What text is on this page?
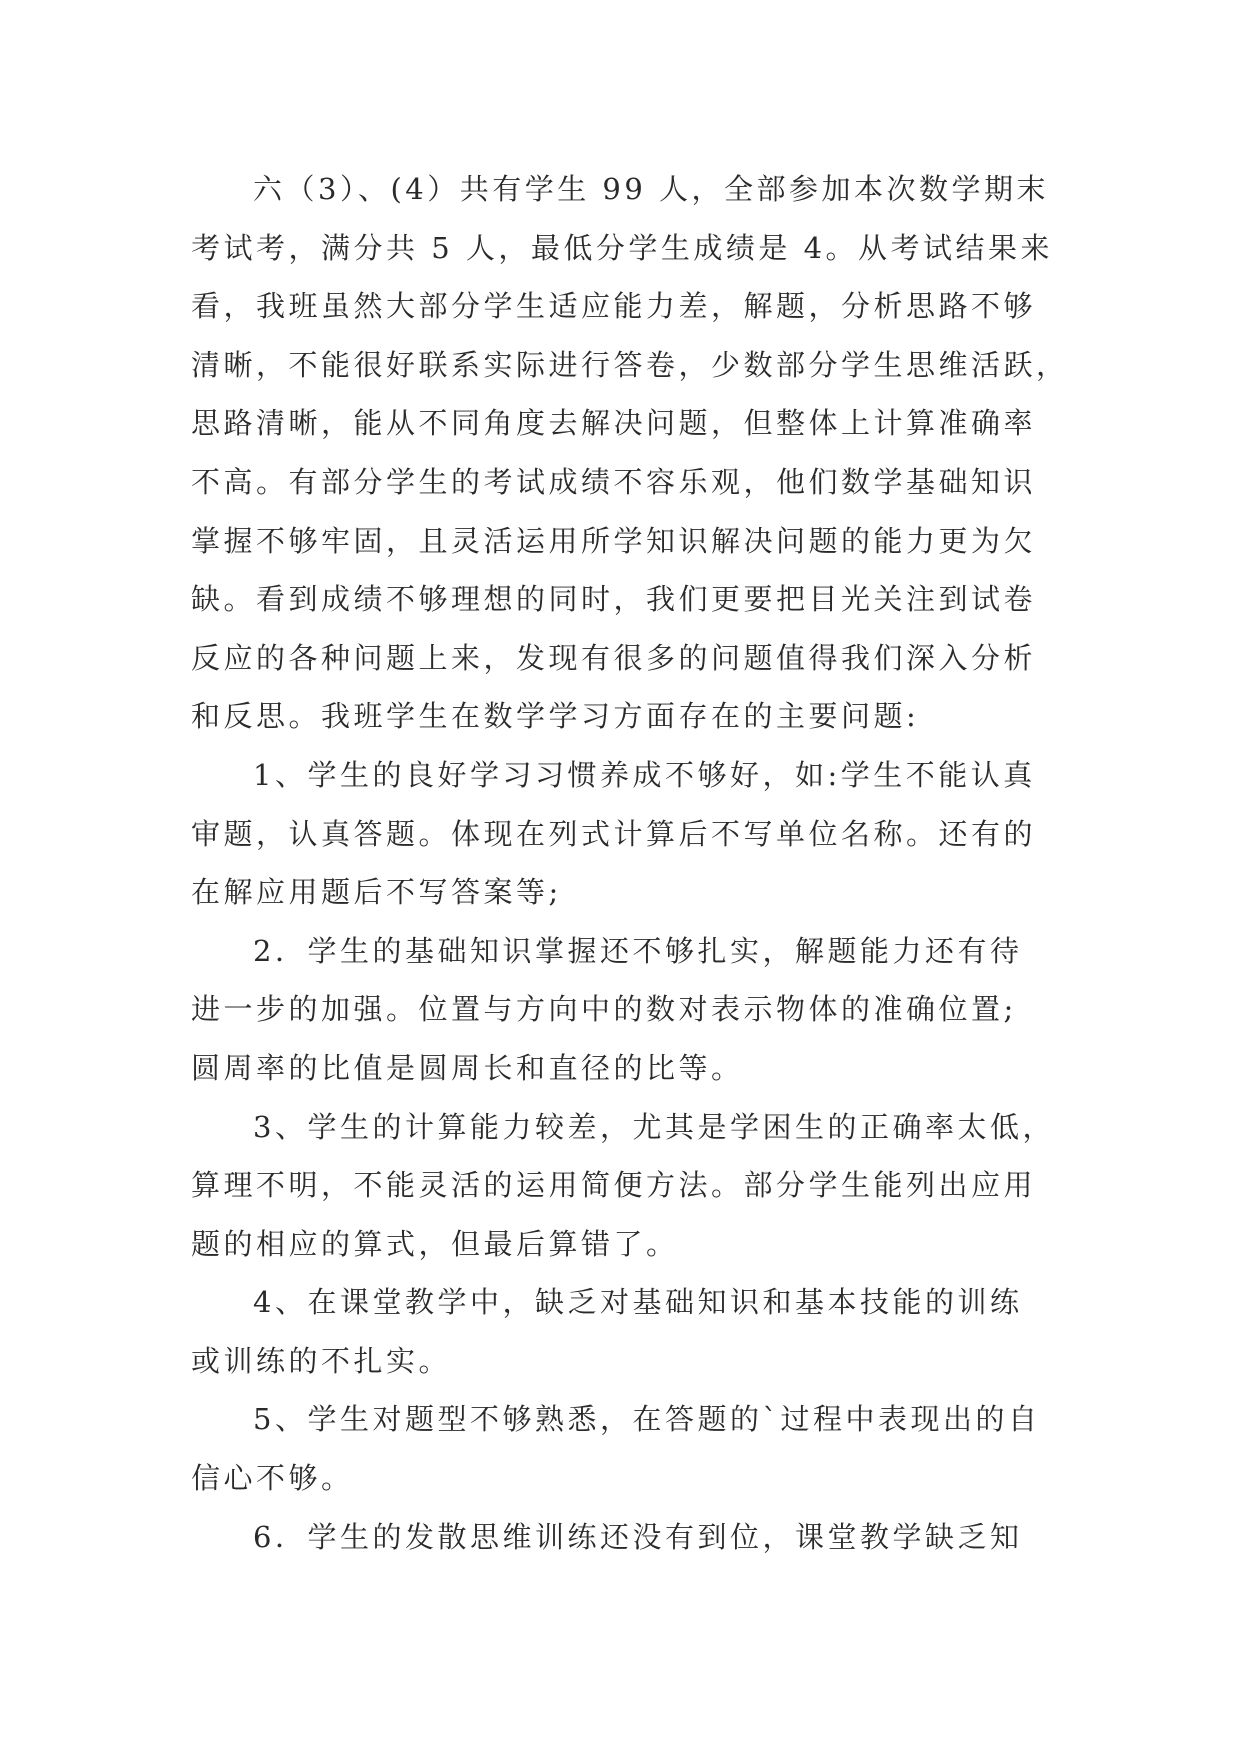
六（3）、(4）共有学生 99 人，全部参加本次数学期末
考试考，满分共 5 人，最低分学生成绩是 4。从考试结果来
看，我班虽然大部分学生适应能力差，解题，分析思路不够
清晰，不能很好联系实际进行答卷，少数部分学生思维活跃，
思路清晰，能从不同角度去解决问题，但整体上计算准确率
不高。有部分学生的考试成绩不容乐观，他们数学基础知识
掌握不够牢固，且灵活运用所学知识解决问题的能力更为欠
缺。看到成绩不够理想的同时，我们更要把目光关注到试卷
反应的各种问题上来，发现有很多的问题值得我们深入分析
和反思。我班学生在数学学习方面存在的主要问题:
1、学生的良好学习习惯养成不够好，如:学生不能认真
审题，认真答题。体现在列式计算后不写单位名称。还有的
在解应用题后不写答案等;
2．学生的基础知识掌握还不够扎实，解题能力还有待
进一步的加强。位置与方向中的数对表示物体的准确位置;
圆周率的比值是圆周长和直径的比等。
3、学生的计算能力较差，尤其是学困生的正确率太低，
算理不明，不能灵活的运用简便方法。部分学生能列出应用
题的相应的算式，但最后算错了。
4、在课堂教学中，缺乏对基础知识和基本技能的训练
或训练的不扎实。
5、学生对题型不够熟悉，在答题的`过程中表现出的自
信心不够。
6．学生的发散思维训练还没有到位，课堂教学缺乏知
